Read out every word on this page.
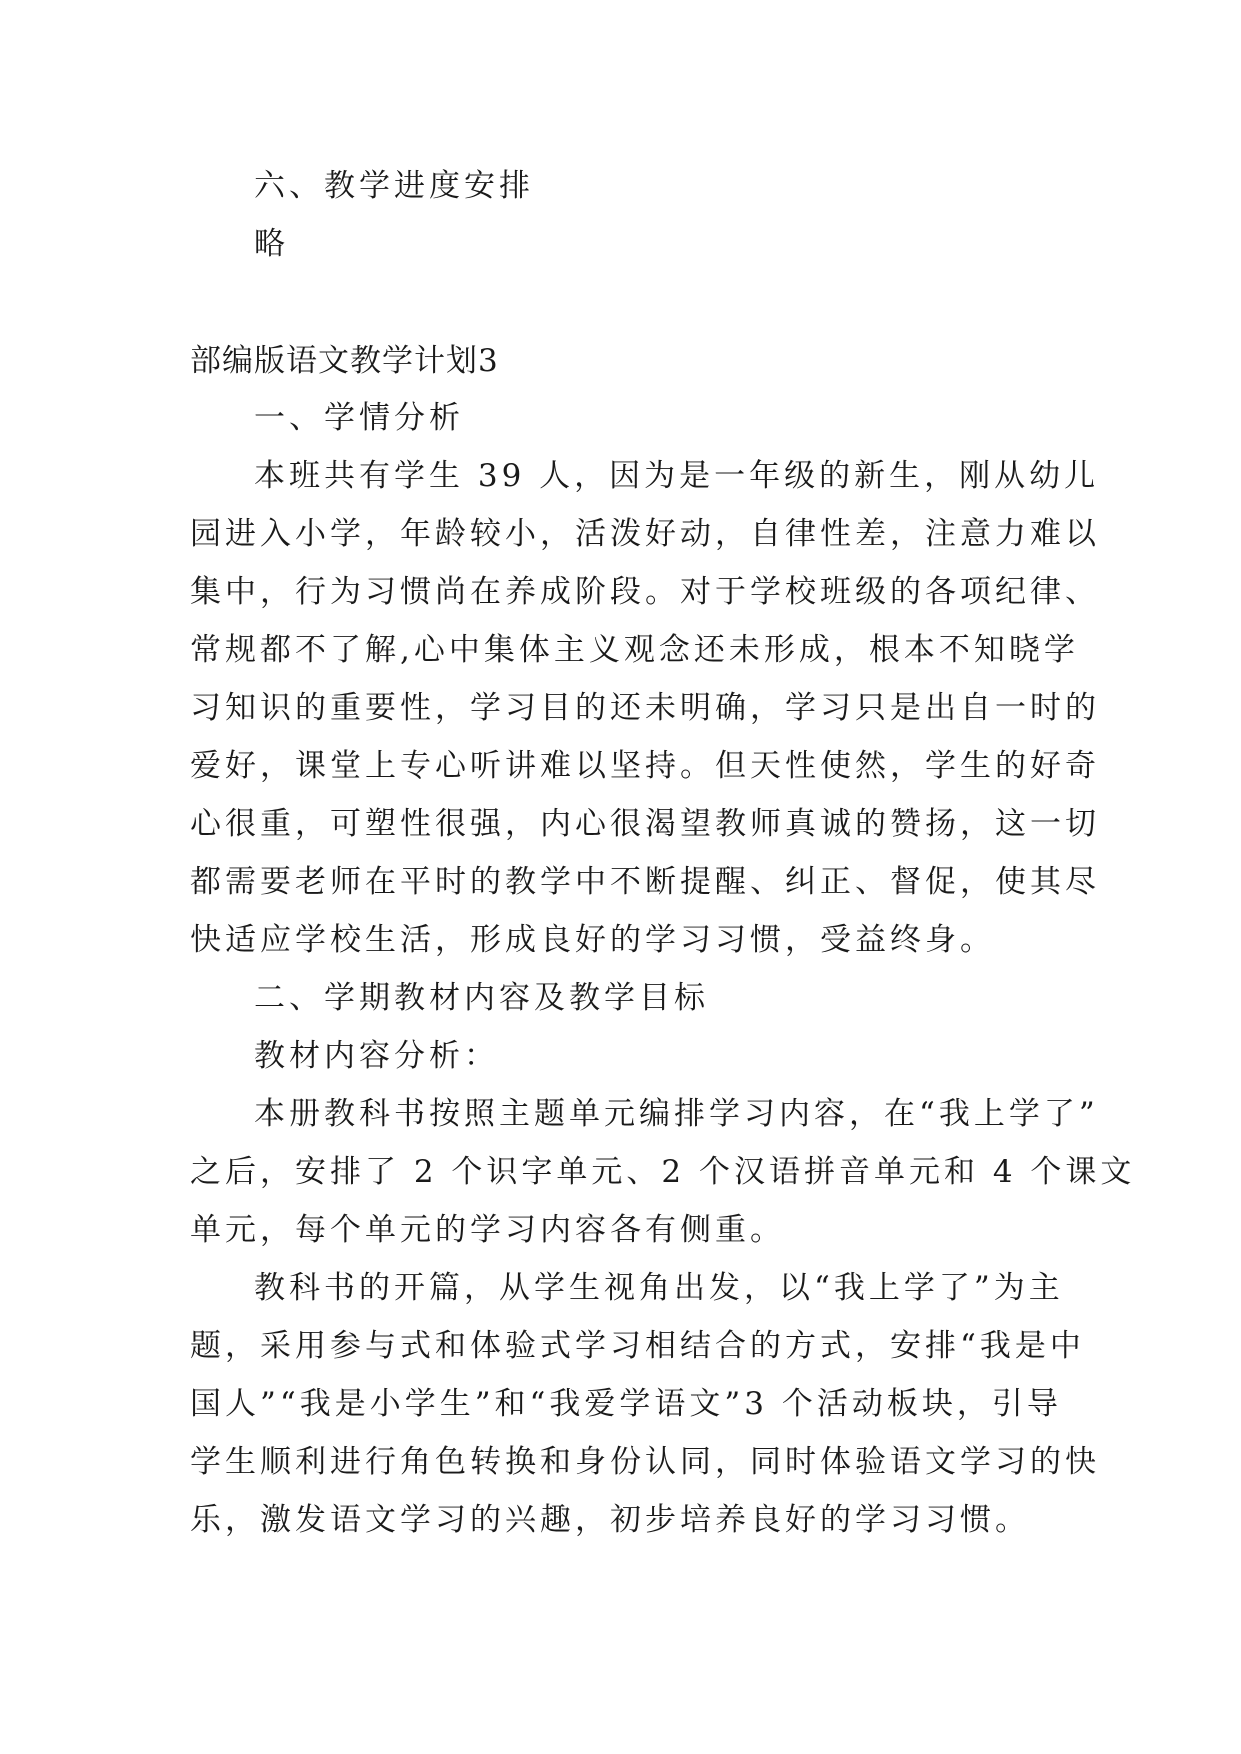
六、教学进度安排
略
部编版语文教学计划3
一、学情分析
本班共有学生 39 人，因为是一年级的新生，刚从幼儿
园进入小学，年龄较小，活泼好动，自律性差，注意力难以
集中，行为习惯尚在养成阶段。对于学校班级的各项纪律、
常规都不了解,心中集体主义观念还未形成，根本不知晓学
习知识的重要性，学习目的还未明确，学习只是出自一时的
爱好，课堂上专心听讲难以坚持。但天性使然，学生的好奇
心很重，可塑性很强，内心很渴望教师真诚的赞扬，这一切
都需要老师在平时的教学中不断提醒、纠正、督促，使其尽
快适应学校生活，形成良好的学习习惯，受益终身。
二、学期教材内容及教学目标
教材内容分析：
本册教科书按照主题单元编排学习内容，在“我上学了”
之后，安排了 2 个识字单元、2 个汉语拼音单元和 4 个课文
单元，每个单元的学习内容各有侧重。
教科书的开篇，从学生视角出发，以“我上学了”为主
题，采用参与式和体验式学习相结合的方式，安排“我是中
国人”“我是小学生”和“我爱学语文”3 个活动板块，引导
学生顺利进行角色转换和身份认同，同时体验语文学习的快
乐，激发语文学习的兴趣，初步培养良好的学习习惯。
